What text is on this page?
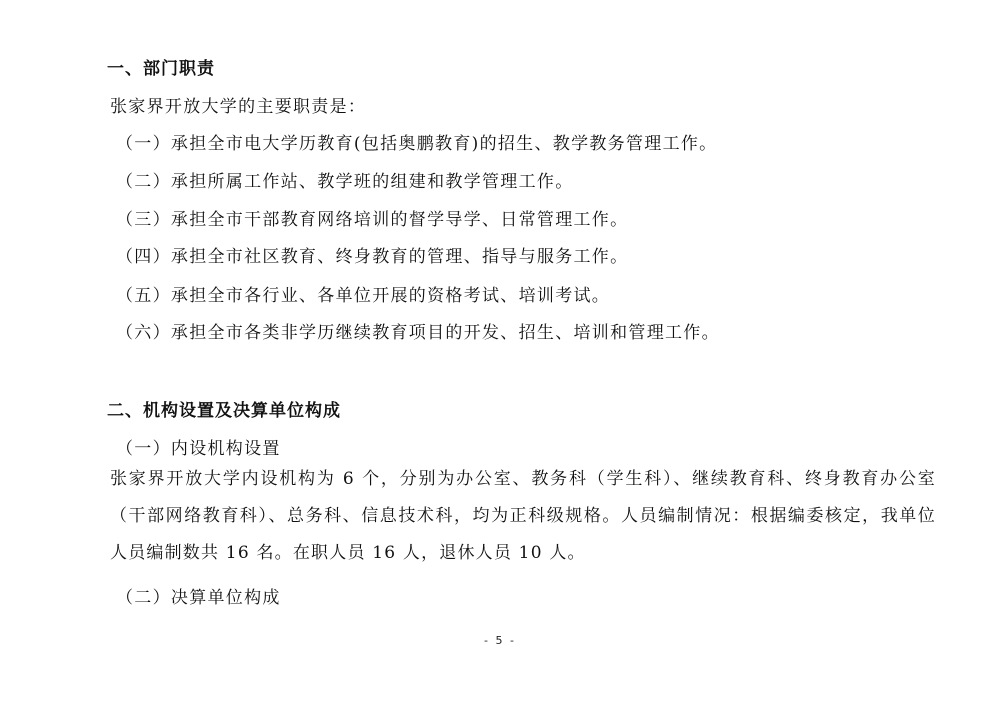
一、部门职责
张家界开放大学的主要职责是：
（一）承担全市电大学历教育(包括奥鹏教育)的招生、教学教务管理工作。
（二）承担所属工作站、教学班的组建和教学管理工作。
（三）承担全市干部教育网络培训的督学导学、日常管理工作。
（四）承担全市社区教育、终身教育的管理、指导与服务工作。
（五）承担全市各行业、各单位开展的资格考试、培训考试。
（六）承担全市各类非学历继续教育项目的开发、招生、培训和管理工作。
二、机构设置及决算单位构成
（一）内设机构设置
张家界开放大学内设机构为 6 个，分别为办公室、教务科（学生科）、继续教育科、终身教育办公室（干部网络教育科）、总务科、信息技术科，均为正科级规格。人员编制情况：根据编委核定，我单位人员编制数共 16 名。在职人员 16 人，退休人员 10 人。
（二）决算单位构成
- 5 -
